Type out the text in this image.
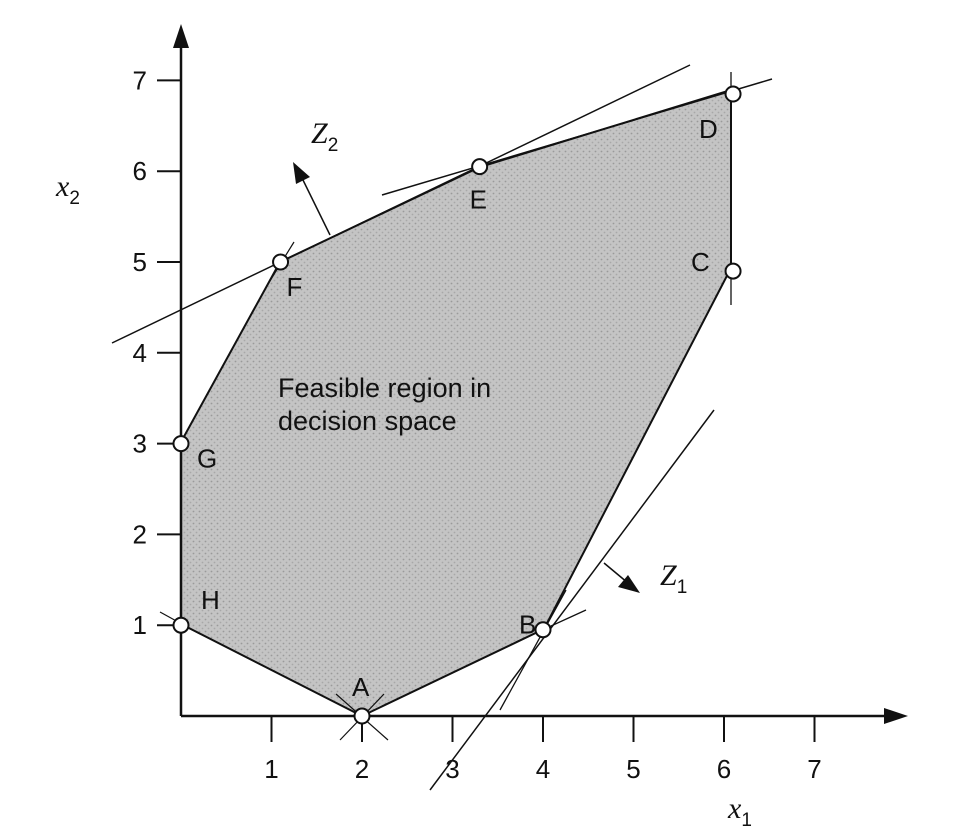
1	2	3	4	5	6	7
1
2
3
4
5
6
7
$x_2$
$x_1$
Feasible region in
decision space
$Z_2$
$Z_1$
A
B
C
D
E
F
G
H
